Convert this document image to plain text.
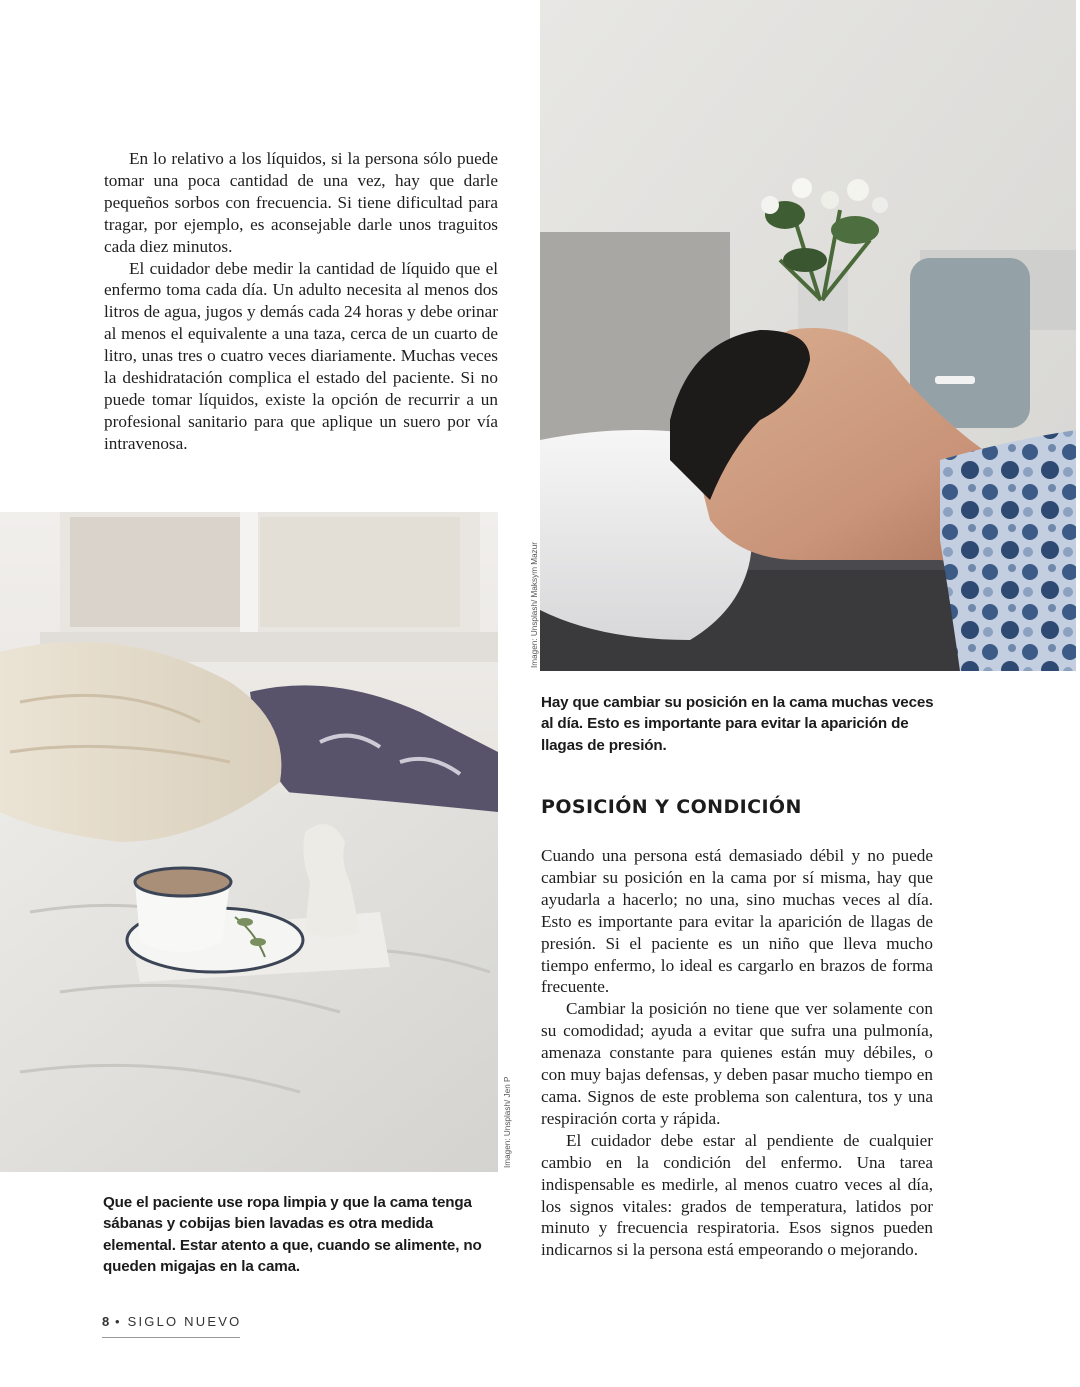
En lo relativo a los líquidos, si la persona sólo puede tomar una poca cantidad de una vez, hay que darle pequeños sorbos con frecuencia. Si tiene dificultad para tragar, por ejemplo, es aconsejable darle unos traguitos cada diez minutos.

El cuidador debe medir la cantidad de líquido que el enfermo toma cada día. Un adulto necesita al menos dos litros de agua, jugos y demás cada 24 horas y debe orinar al menos el equivalente a una taza, cerca de un cuarto de litro, unas tres o cuatro veces diariamente. Muchas veces la deshidratación complica el estado del paciente. Si no puede tomar líquidos, existe la opción de recurrir a un profesional sanitario para que aplique un suero por vía intravenosa.

Imagen: Unsplash/ Maksym Mazur
Hay que cambiar su posición en la cama muchas veces al día. Esto es importante para evitar la aparición de llagas de presión.
Imagen: Unsplash/ Jen P
Que el paciente use ropa limpia y que la cama tenga sábanas y cobijas bien lavadas es otra medida elemental. Estar atento a que, cuando se alimente, no queden migajas en la cama.
POSICIÓN Y CONDICIÓN

Cuando una persona está demasiado débil y no puede cambiar su posición en la cama por sí misma, hay que ayudarla a hacerlo; no una, sino muchas veces al día. Esto es importante para evitar la aparición de llagas de presión. Si el paciente es un niño que lleva mucho tiempo enfermo, lo ideal es cargarlo en brazos de forma frecuente.

Cambiar la posición no tiene que ver solamente con su comodidad; ayuda a evitar que sufra una pulmonía, amenaza constante para quienes están muy débiles, o con muy bajas defensas, y deben pasar mucho tiempo en cama. Signos de este problema son calentura, tos y una respiración corta y rápida.

El cuidador debe estar al pendiente de cualquier cambio en la condición del enfermo. Una tarea indispensable es medirle, al menos cuatro veces al día, los signos vitales: grados de temperatura, latidos por minuto y frecuencia respiratoria. Esos signos pueden indicarnos si la persona está empeorando o mejorando.

8 • SIGLO NUEVO
